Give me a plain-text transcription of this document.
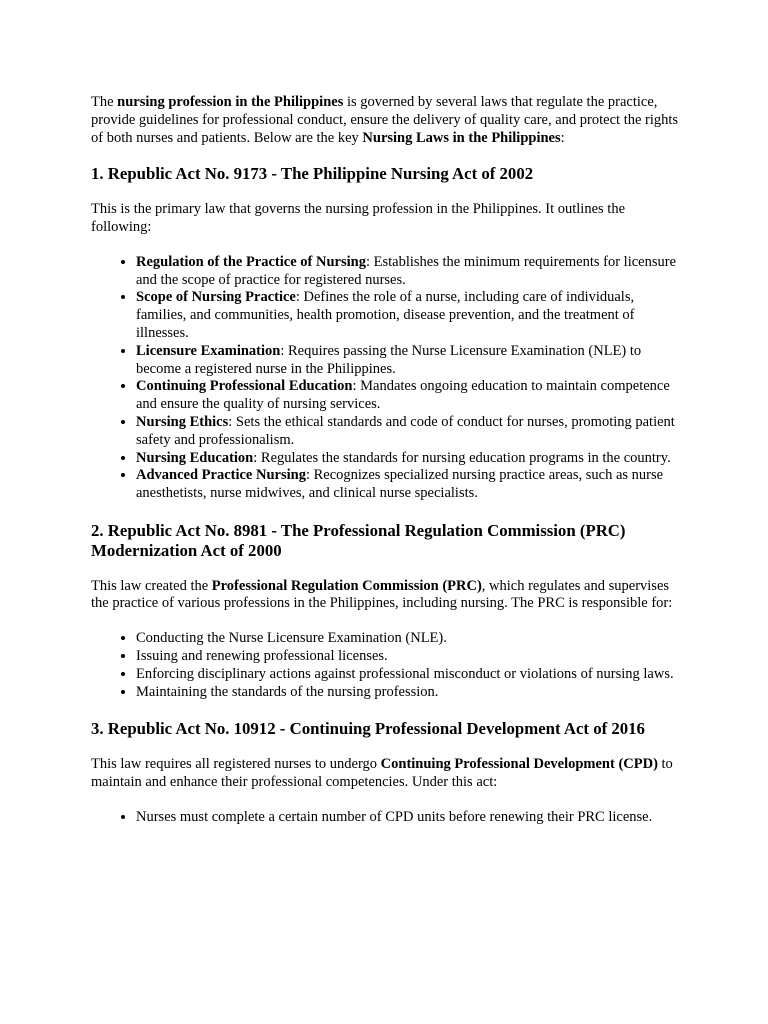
The nursing profession in the Philippines is governed by several laws that regulate the practice, provide guidelines for professional conduct, ensure the delivery of quality care, and protect the rights of both nurses and patients. Below are the key Nursing Laws in the Philippines:

1. Republic Act No. 9173 - The Philippine Nursing Act of 2002

This is the primary law that governs the nursing profession in the Philippines. It outlines the following:

• Regulation of the Practice of Nursing: Establishes the minimum requirements for licensure and the scope of practice for registered nurses.
• Scope of Nursing Practice: Defines the role of a nurse, including care of individuals, families, and communities, health promotion, disease prevention, and the treatment of illnesses.
• Licensure Examination: Requires passing the Nurse Licensure Examination (NLE) to become a registered nurse in the Philippines.
• Continuing Professional Education: Mandates ongoing education to maintain competence and ensure the quality of nursing services.
• Nursing Ethics: Sets the ethical standards and code of conduct for nurses, promoting patient safety and professionalism.
• Nursing Education: Regulates the standards for nursing education programs in the country.
• Advanced Practice Nursing: Recognizes specialized nursing practice areas, such as nurse anesthetists, nurse midwives, and clinical nurse specialists.
2. Republic Act No. 8981 - The Professional Regulation Commission (PRC) Modernization Act of 2000

This law created the Professional Regulation Commission (PRC), which regulates and supervises the practice of various professions in the Philippines, including nursing. The PRC is responsible for:

• Conducting the Nurse Licensure Examination (NLE).
• Issuing and renewing professional licenses.
• Enforcing disciplinary actions against professional misconduct or violations of nursing laws.
• Maintaining the standards of the nursing profession.
3. Republic Act No. 10912 - Continuing Professional Development Act of 2016

This law requires all registered nurses to undergo Continuing Professional Development (CPD) to maintain and enhance their professional competencies. Under this act:

• Nurses must complete a certain number of CPD units before renewing their PRC license.
